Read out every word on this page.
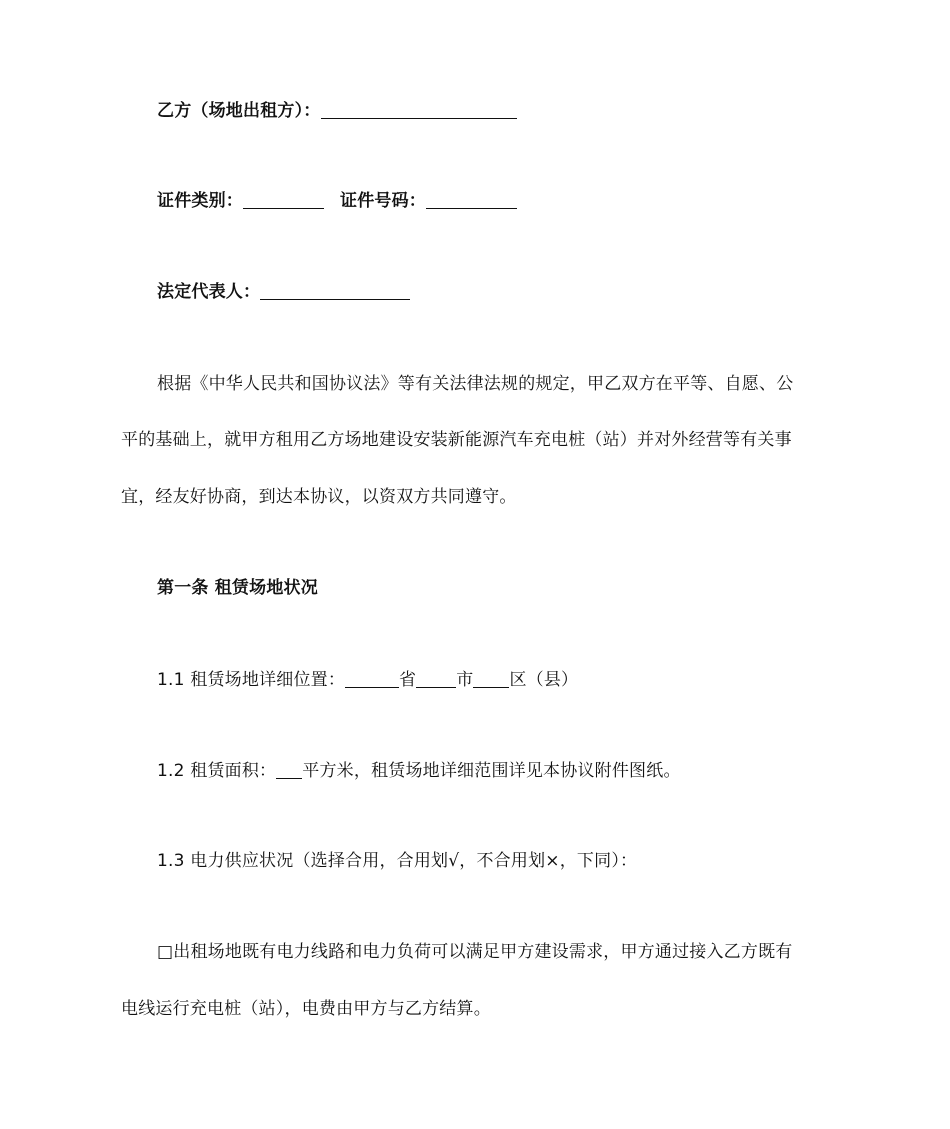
乙方（场地出租方）：
证件类别：	证件号码：
法定代表人：
根据《中华人民共和国协议法》等有关法律法规的规定，甲乙双方在平等、自愿、公
平的基础上，就甲方租用乙方场地建设安装新能源汽车充电桩（站）并对外经营等有关事
宜，经友好协商，到达本协议，以资双方共同遵守。
第一条 租赁场地状况
1.1 租赁场地详细位置：	省 市 区（县）
1.2 租赁面积： 平方米，租赁场地详细范围详见本协议附件图纸。
1.3 电力供应状况（选择合用，合用划√，不合用划×，下同）：
□出租场地既有电力线路和电力负荷可以满足甲方建设需求，甲方通过接入乙方既有
电线运行充电桩（站），电费由甲方与乙方结算。
